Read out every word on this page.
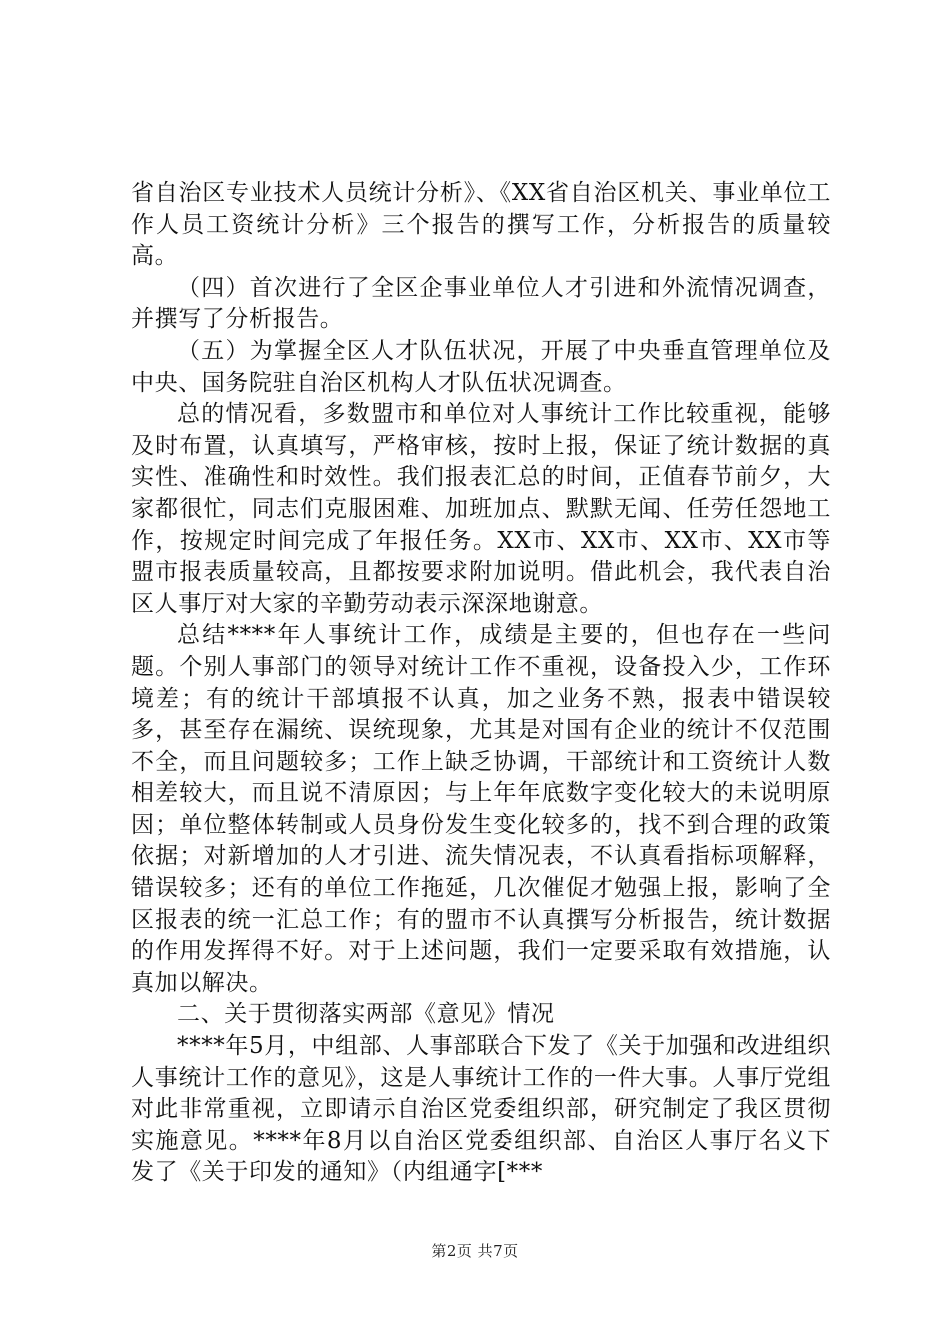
省自治区专业技术人员统计分析》、《XX省自治区机关、事业单位工作人员工资统计分析》三个报告的撰写工作，分析报告的质量较高。

（四）首次进行了全区企事业单位人才引进和外流情况调查，并撰写了分析报告。

（五）为掌握全区人才队伍状况，开展了中央垂直管理单位及中央、国务院驻自治区机构人才队伍状况调查。

总的情况看，多数盟市和单位对人事统计工作比较重视，能够及时布置，认真填写，严格审核，按时上报，保证了统计数据的真实性、准确性和时效性。我们报表汇总的时间，正值春节前夕，大家都很忙，同志们克服困难、加班加点、默默无闻、任劳任怨地工作，按规定时间完成了年报任务。XX市、XX市、XX市、XX市等盟市报表质量较高，且都按要求附加说明。借此机会，我代表自治区人事厅对大家的辛勤劳动表示深深地谢意。

总结****年人事统计工作，成绩是主要的，但也存在一些问题。个别人事部门的领导对统计工作不重视，设备投入少，工作环境差；有的统计干部填报不认真，加之业务不熟，报表中错误较多，甚至存在漏统、误统现象，尤其是对国有企业的统计不仅范围不全，而且问题较多；工作上缺乏协调，干部统计和工资统计人数相差较大，而且说不清原因；与上年年底数字变化较大的未说明原因；单位整体转制或人员身份发生变化较多的，找不到合理的政策依据；对新增加的人才引进、流失情况表，不认真看指标项解释，错误较多；还有的单位工作拖延，几次催促才勉强上报，影响了全区报表的统一汇总工作；有的盟市不认真撰写分析报告，统计数据的作用发挥得不好。对于上述问题，我们一定要采取有效措施，认真加以解决。

二、关于贯彻落实两部《意见》情况

****年5月，中组部、人事部联合下发了《关于加强和改进组织人事统计工作的意见》，这是人事统计工作的一件大事。人事厅党组对此非常重视，立即请示自治区党委组织部，研究制定了我区贯彻实施意见。****年8月以自治区党委组织部、自治区人事厅名义下发了《关于印发的通知》（内组通字[***

第2页 共7页
